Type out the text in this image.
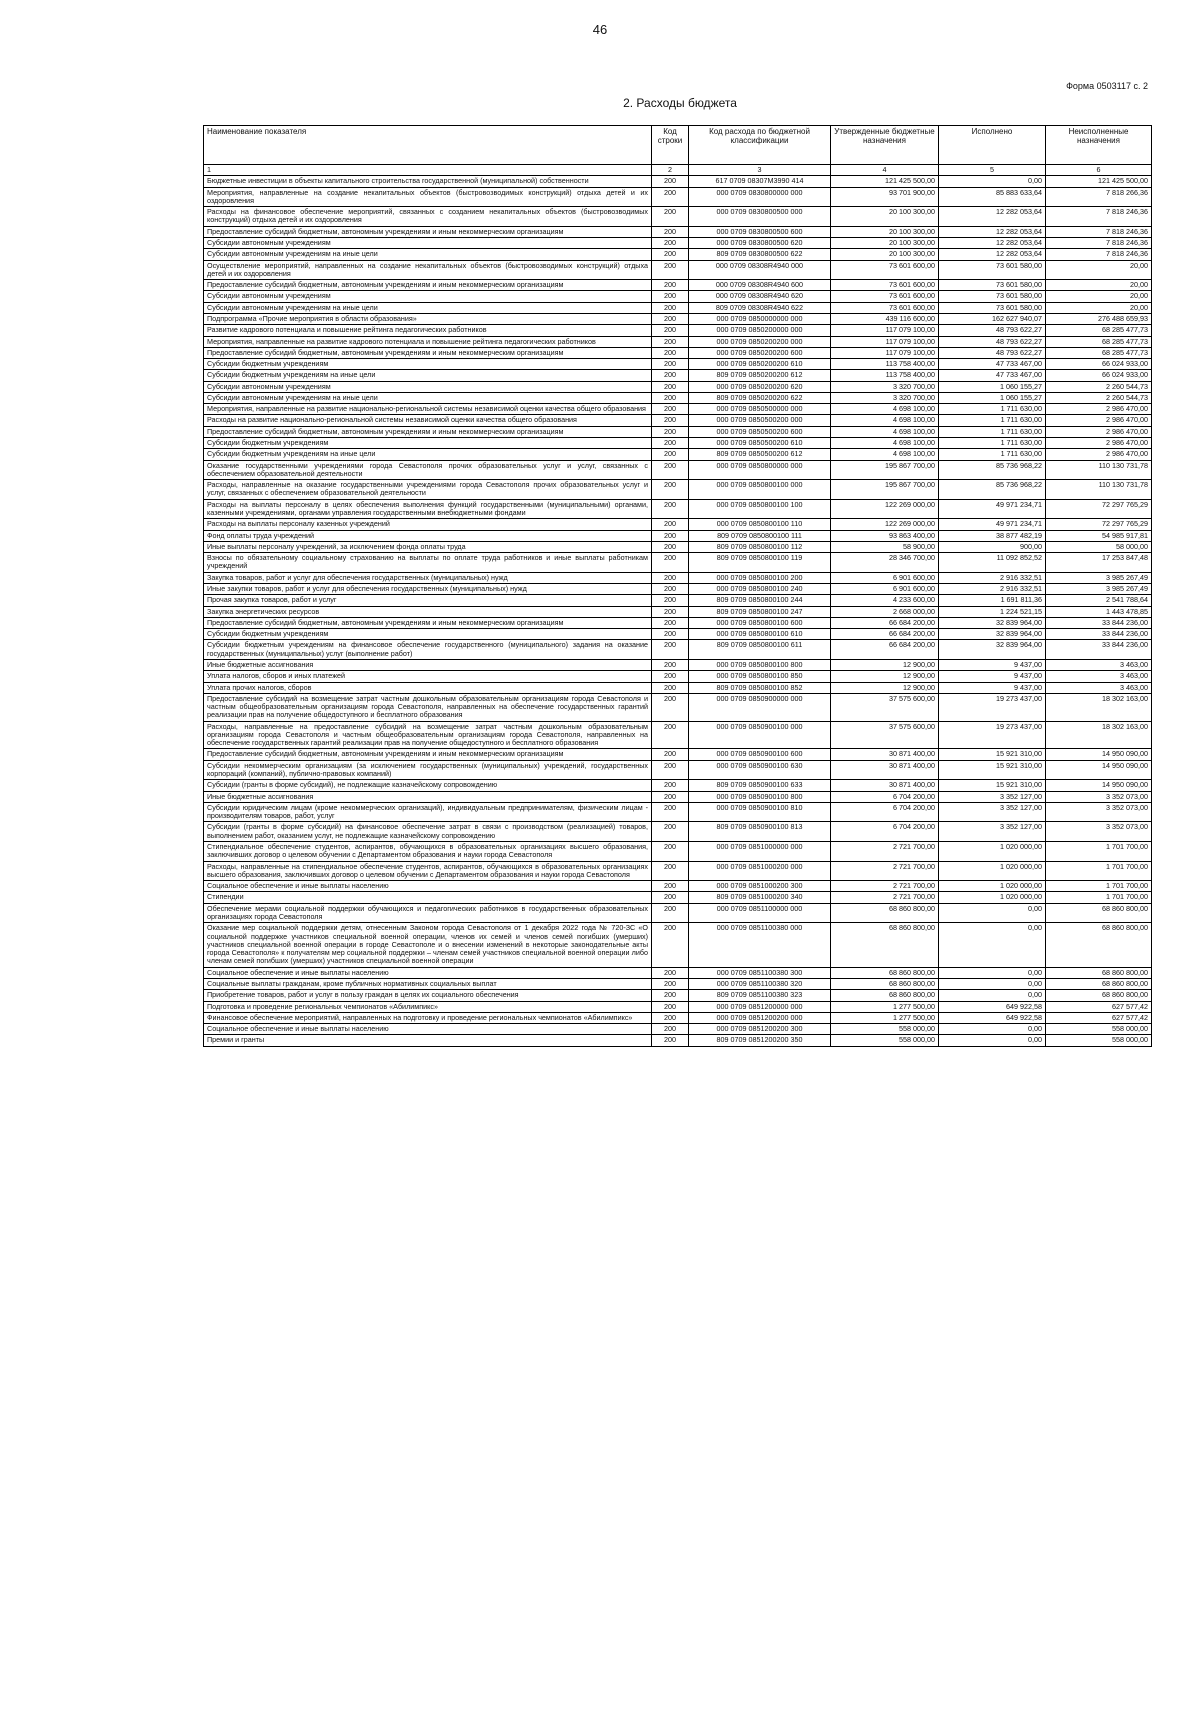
46
Форма 0503117 с. 2
2. Расходы бюджета
Наименование показателя	Код строки	Код расхода по бюджетной классификации	Утвержденные бюджетные назначения	Исполнено	Неисполненные назначения
1	2	3	4	5	6
Бюджетные инвестиции в объекты капитального строительства государственной (муниципальной) собственности	200	617 0709 08307M3990 414	121 425 500,00	0,00	121 425 500,00
Мероприятия, направленные на создание некапитальных объектов (быстровозводимых конструкций) отдыха детей и их оздоровления	200	000 0709 0830800000 000	93 701 900,00	85 883 633,64	7 818 266,36
Расходы на финансовое обеспечение мероприятий, связанных с созданием некапитальных объектов (быстровозводимых конструкций) отдыха детей и их оздоровления	200	000 0709 0830800500 000	20 100 300,00	12 282 053,64	7 818 246,36
Предоставление субсидий бюджетным, автономным учреждениям и иным некоммерческим организациям	200	000 0709 0830800500 600	20 100 300,00	12 282 053,64	7 818 246,36
Субсидии автономным учреждениям	200	000 0709 0830800500 620	20 100 300,00	12 282 053,64	7 818 246,36
Субсидии автономным учреждениям на иные цели	200	809 0709 0830800500 622	20 100 300,00	12 282 053,64	7 818 246,36
Осуществление мероприятий, направленных на создание некапитальных объектов (быстровозводимых конструкций) отдыха детей и их оздоровления	200	000 0709 08308R4940 000	73 601 600,00	73 601 580,00	20,00
Предоставление субсидий бюджетным, автономным учреждениям и иным некоммерческим организациям	200	000 0709 08308R4940 600	73 601 600,00	73 601 580,00	20,00
Субсидии автономным учреждениям	200	000 0709 08308R4940 620	73 601 600,00	73 601 580,00	20,00
Субсидии автономным учреждениям на иные цели	200	809 0709 08308R4940 622	73 601 600,00	73 601 580,00	20,00
Подпрограмма «Прочие мероприятия в области образования»	200	000 0709 0850000000 000	439 116 600,00	162 627 940,07	276 488 659,93
Развитие кадрового потенциала и повышение рейтинга педагогических работников	200	000 0709 0850200000 000	117 079 100,00	48 793 622,27	68 285 477,73
Мероприятия, направленные на развитие кадрового потенциала и повышение рейтинга педагогических работников	200	000 0709 0850200200 000	117 079 100,00	48 793 622,27	68 285 477,73
Предоставление субсидий бюджетным, автономным учреждениям и иным некоммерческим организациям	200	000 0709 0850200200 600	117 079 100,00	48 793 622,27	68 285 477,73
Субсидии бюджетным учреждениям	200	000 0709 0850200200 610	113 758 400,00	47 733 467,00	66 024 933,00
Субсидии бюджетным учреждениям на иные цели	200	809 0709 0850200200 612	113 758 400,00	47 733 467,00	66 024 933,00
Субсидии автономным учреждениям	200	000 0709 0850200200 620	3 320 700,00	1 060 155,27	2 260 544,73
Субсидии автономным учреждениям на иные цели	200	809 0709 0850200200 622	3 320 700,00	1 060 155,27	2 260 544,73
Мероприятия, направленные на развитие национально-региональной системы независимой оценки качества общего образования	200	000 0709 0850500000 000	4 698 100,00	1 711 630,00	2 986 470,00
Расходы на развитие национально-региональной системы независимой оценки качества общего образования	200	000 0709 0850500200 000	4 698 100,00	1 711 630,00	2 986 470,00
Предоставление субсидий бюджетным, автономным учреждениям и иным некоммерческим организациям	200	000 0709 0850500200 600	4 698 100,00	1 711 630,00	2 986 470,00
Субсидии бюджетным учреждениям	200	000 0709 0850500200 610	4 698 100,00	1 711 630,00	2 986 470,00
Субсидии бюджетным учреждениям на иные цели	200	809 0709 0850500200 612	4 698 100,00	1 711 630,00	2 986 470,00
Оказание государственными учреждениями города Севастополя прочих образовательных услуг и услуг, связанных с обеспечением образовательной деятельности	200	000 0709 0850800000 000	195 867 700,00	85 736 968,22	110 130 731,78
Расходы, направленные на оказание государственными учреждениями города Севастополя прочих образовательных услуг и услуг, связанных с обеспечением образовательной деятельности	200	000 0709 0850800100 000	195 867 700,00	85 736 968,22	110 130 731,78
Расходы на выплаты персоналу в целях обеспечения выполнения функций государственными (муниципальными) органами, казенными учреждениями, органами управления государственными внебюджетными фондами	200	000 0709 0850800100 100	122 269 000,00	49 971 234,71	72 297 765,29
Расходы на выплаты персоналу казенных учреждений	200	000 0709 0850800100 110	122 269 000,00	49 971 234,71	72 297 765,29
Фонд оплаты труда учреждений	200	809 0709 0850800100 111	93 863 400,00	38 877 482,19	54 985 917,81
Иные выплаты персоналу учреждений, за исключением фонда оплаты труда	200	809 0709 0850800100 112	58 900,00	900,00	58 000,00
Взносы по обязательному социальному страхованию на выплаты по оплате труда работников и иные выплаты работникам учреждений	200	809 0709 0850800100 119	28 346 700,00	11 092 852,52	17 253 847,48
Закупка товаров, работ и услуг для обеспечения государственных (муниципальных) нужд	200	000 0709 0850800100 200	6 901 600,00	2 916 332,51	3 985 267,49
Иные закупки товаров, работ и услуг для обеспечения государственных (муниципальных) нужд	200	000 0709 0850800100 240	6 901 600,00	2 916 332,51	3 985 267,49
Прочая закупка товаров, работ и услуг	200	809 0709 0850800100 244	4 233 600,00	1 691 811,36	2 541 788,64
Закупка энергетических ресурсов	200	809 0709 0850800100 247	2 668 000,00	1 224 521,15	1 443 478,85
Предоставление субсидий бюджетным, автономным учреждениям и иным некоммерческим организациям	200	000 0709 0850800100 600	66 684 200,00	32 839 964,00	33 844 236,00
Субсидии бюджетным учреждениям	200	000 0709 0850800100 610	66 684 200,00	32 839 964,00	33 844 236,00
Субсидии бюджетным учреждениям на финансовое обеспечение государственного (муниципального) задания на оказание государственных (муниципальных) услуг (выполнение работ)	200	809 0709 0850800100 611	66 684 200,00	32 839 964,00	33 844 236,00
Иные бюджетные ассигнования	200	000 0709 0850800100 800	12 900,00	9 437,00	3 463,00
Уплата налогов, сборов и иных платежей	200	000 0709 0850800100 850	12 900,00	9 437,00	3 463,00
Уплата прочих налогов, сборов	200	809 0709 0850800100 852	12 900,00	9 437,00	3 463,00
Предоставление субсидий на возмещение затрат частным дошкольным образовательным организациям города Севастополя и частным общеобразовательным организациям города Севастополя, направленных на обеспечение государственных гарантий реализации прав на получение общедоступного и бесплатного образования	200	000 0709 0850900000 000	37 575 600,00	19 273 437,00	18 302 163,00
Расходы, направленные на предоставление субсидий на возмещение затрат частным дошкольным образовательным организациям города Севастополя и частным общеобразовательным организациям города Севастополя, направленных на обеспечение государственных гарантий реализации прав на получение общедоступного и бесплатного образования	200	000 0709 0850900100 000	37 575 600,00	19 273 437,00	18 302 163,00
Предоставление субсидий бюджетным, автономным учреждениям и иным некоммерческим организациям	200	000 0709 0850900100 600	30 871 400,00	15 921 310,00	14 950 090,00
Субсидии некоммерческим организациям (за исключением государственных (муниципальных) учреждений, государственных корпораций (компаний), публично-правовых компаний)	200	000 0709 0850900100 630	30 871 400,00	15 921 310,00	14 950 090,00
Субсидии (гранты в форме субсидий), не подлежащие казначейскому сопровождению	200	809 0709 0850900100 633	30 871 400,00	15 921 310,00	14 950 090,00
Иные бюджетные ассигнования	200	000 0709 0850900100 800	6 704 200,00	3 352 127,00	3 352 073,00
Субсидии юридическим лицам (кроме некоммерческих организаций), индивидуальным предпринимателям, физическим лицам - производителям товаров, работ, услуг	200	000 0709 0850900100 810	6 704 200,00	3 352 127,00	3 352 073,00
Субсидии (гранты в форме субсидий) на финансовое обеспечение затрат в связи с производством (реализацией) товаров, выполнением работ, оказанием услуг, не подлежащие казначейскому сопровождению	200	809 0709 0850900100 813	6 704 200,00	3 352 127,00	3 352 073,00
Стипендиальное обеспечение студентов, аспирантов, обучающихся в образовательных организациях высшего образования, заключивших договор о целевом обучении с Департаментом образования и науки города Севастополя	200	000 0709 0851000000 000	2 721 700,00	1 020 000,00	1 701 700,00
Расходы, направленные на стипендиальное обеспечение студентов, аспирантов, обучающихся в образовательных организациях высшего образования, заключивших договор о целевом обучении с Департаментом образования и науки города Севастополя	200	000 0709 0851000200 000	2 721 700,00	1 020 000,00	1 701 700,00
Социальное обеспечение и иные выплаты населению	200	000 0709 0851000200 300	2 721 700,00	1 020 000,00	1 701 700,00
Стипендии	200	809 0709 0851000200 340	2 721 700,00	1 020 000,00	1 701 700,00
Обеспечение мерами социальной поддержки обучающихся и педагогических работников в государственных образовательных организациях города Севастополя	200	000 0709 0851100000 000	68 860 800,00	0,00	68 860 800,00
Оказание мер социальной поддержки детям, отнесенным Законом города Севастополя от 1 декабря 2022 года № 720-ЗС «О социальной поддержке участников специальной военной операции, членов их семей и членов семей погибших (умерших) участников специальной военной операции в городе Севастополе и о внесении изменений в некоторые законодательные акты города Севастополя» к получателям мер социальной поддержки – членам семей участников специальной военной операции либо членам семей погибших (умерших) участников специальной военной операции	200	000 0709 0851100380 000	68 860 800,00	0,00	68 860 800,00
Социальное обеспечение и иные выплаты населению	200	000 0709 0851100380 300	68 860 800,00	0,00	68 860 800,00
Социальные выплаты гражданам, кроме публичных нормативных социальных выплат	200	000 0709 0851100380 320	68 860 800,00	0,00	68 860 800,00
Приобретение товаров, работ и услуг в пользу граждан в целях их социального обеспечения	200	809 0709 0851100380 323	68 860 800,00	0,00	68 860 800,00
Подготовка и проведение региональных чемпионатов «Абилимпикс»	200	000 0709 0851200000 000	1 277 500,00	649 922,58	627 577,42
Финансовое обеспечение мероприятий, направленных на подготовку и проведение региональных чемпионатов «Абилимпикс»	200	000 0709 0851200200 000	1 277 500,00	649 922,58	627 577,42
Социальное обеспечение и иные выплаты населению	200	000 0709 0851200200 300	558 000,00	0,00	558 000,00
Премии и гранты	200	809 0709 0851200200 350	558 000,00	0,00	558 000,00
